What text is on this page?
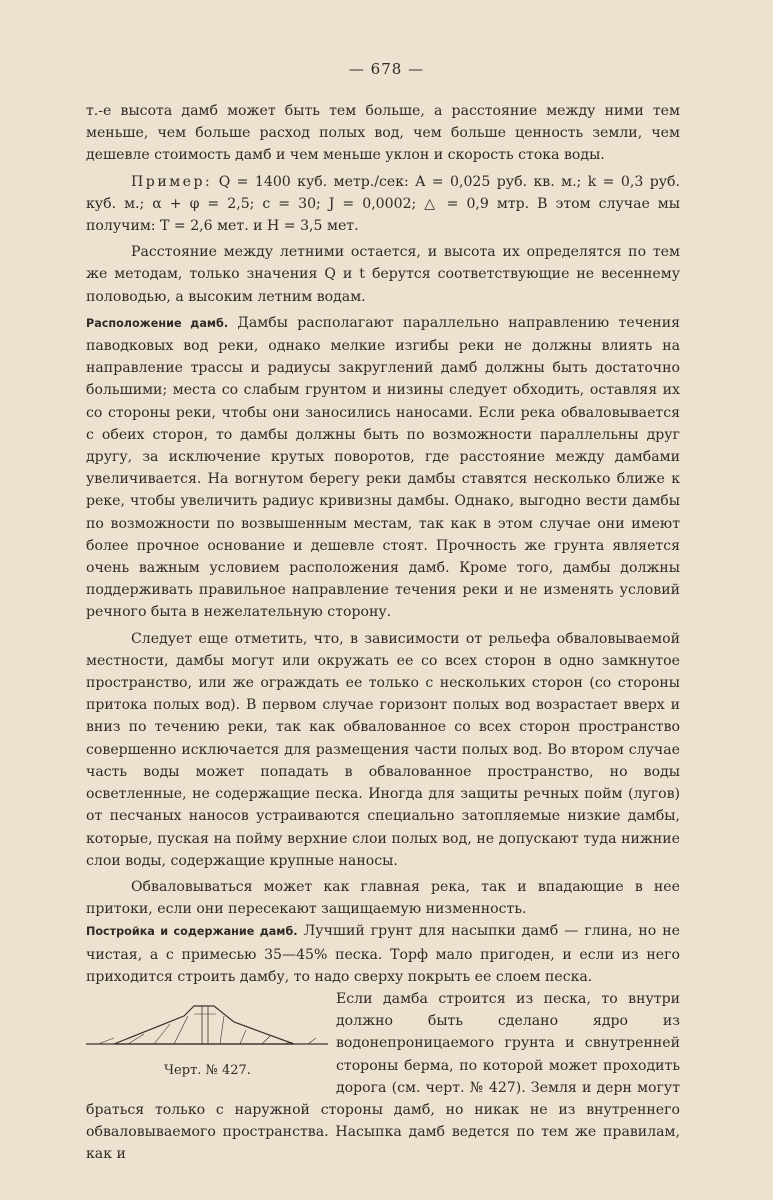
— 678 —

т.-е высота дамб может быть тем больше, а расстояние между ними тем меньше, чем больше расход полых вод, чем больше ценность земли, чем дешевле стоимость дамб и чем меньше уклон и скорость стока воды.

Пример: Q = 1400 куб. метр./сек: A = 0,025 руб. кв. м.; k = 0,3 руб. куб. м.; α + φ = 2,5; c = 30; J = 0,0002; △ = 0,9 мтр. В этом случае мы получим: T = 2,6 мет. и H = 3,5 мет.

Расстояние между летними остается, и высота их определятся по тем же методам, только значения Q и t берутся соответствующие не весеннему половодью, а высоким летним водам.

Расположение дамб. Дамбы располагают параллельно направлению течения паводковых вод реки, однако мелкие изгибы реки не должны влиять на направление трассы и радиусы закруглений дамб должны быть достаточно большими; места со слабым грунтом и низины следует обходить, оставляя их со стороны реки, чтобы они заносились наносами. Если река обваловывается с обеих сторон, то дамбы должны быть по возможности параллельны друг другу, за исключение крутых поворотов, где расстояние между дамбами увеличивается. На вогнутом берегу реки дамбы ставятся несколько ближе к реке, чтобы увеличить радиус кривизны дамбы. Однако, выгодно вести дамбы по возможности по возвышенным местам, так как в этом случае они имеют более прочное основание и дешевле стоят. Прочность же грунта является очень важным условием расположения дамб. Кроме того, дамбы должны поддерживать правильное направление течения реки и не изменять условий речного быта в нежелательную сторону.

Следует еще отметить, что, в зависимости от рельефа обваловываемой местности, дамбы могут или окружать ее со всех сторон в одно замкнутое пространство, или же ограждать ее только с нескольких сторон (со стороны притока полых вод). В первом случае горизонт полых вод возрастает вверх и вниз по течению реки, так как обвалованное со всех сторон пространство совершенно исключается для размещения части полых вод. Во втором случае часть воды может попадать в обвалованное пространство, но воды осветленные, не содержащие песка. Иногда для защиты речных пойм (лугов) от песчаных наносов устраиваются специально затопляемые низкие дамбы, которые, пуская на пойму верхние слои полых вод, не допускают туда нижние слои воды, содержащие крупные наносы.

Обваловываться может как главная река, так и впадающие в нее притоки, если они пересекают защищаемую низменность.

Постройка и содержание дамб. Лучший грунт для насыпки дамб — глина, но не чистая, а с примесью 35—45% песка. Торф мало пригоден, и если из него приходится строить дамбу, то надо сверху покрыть ее слоем песка.

Черт. № 427.
Если дамба строится из песка, то внутри должно быть сделано ядро из водонепроницаемого грунта и свнутренней стороны берма, по которой может проходить дорога (см. черт. № 427). Земля и дерн могут браться только с наружной стороны дамб, но никак не из внутреннего обваловываемого пространства. Насыпка дамб ведется по тем же правилам, как и
